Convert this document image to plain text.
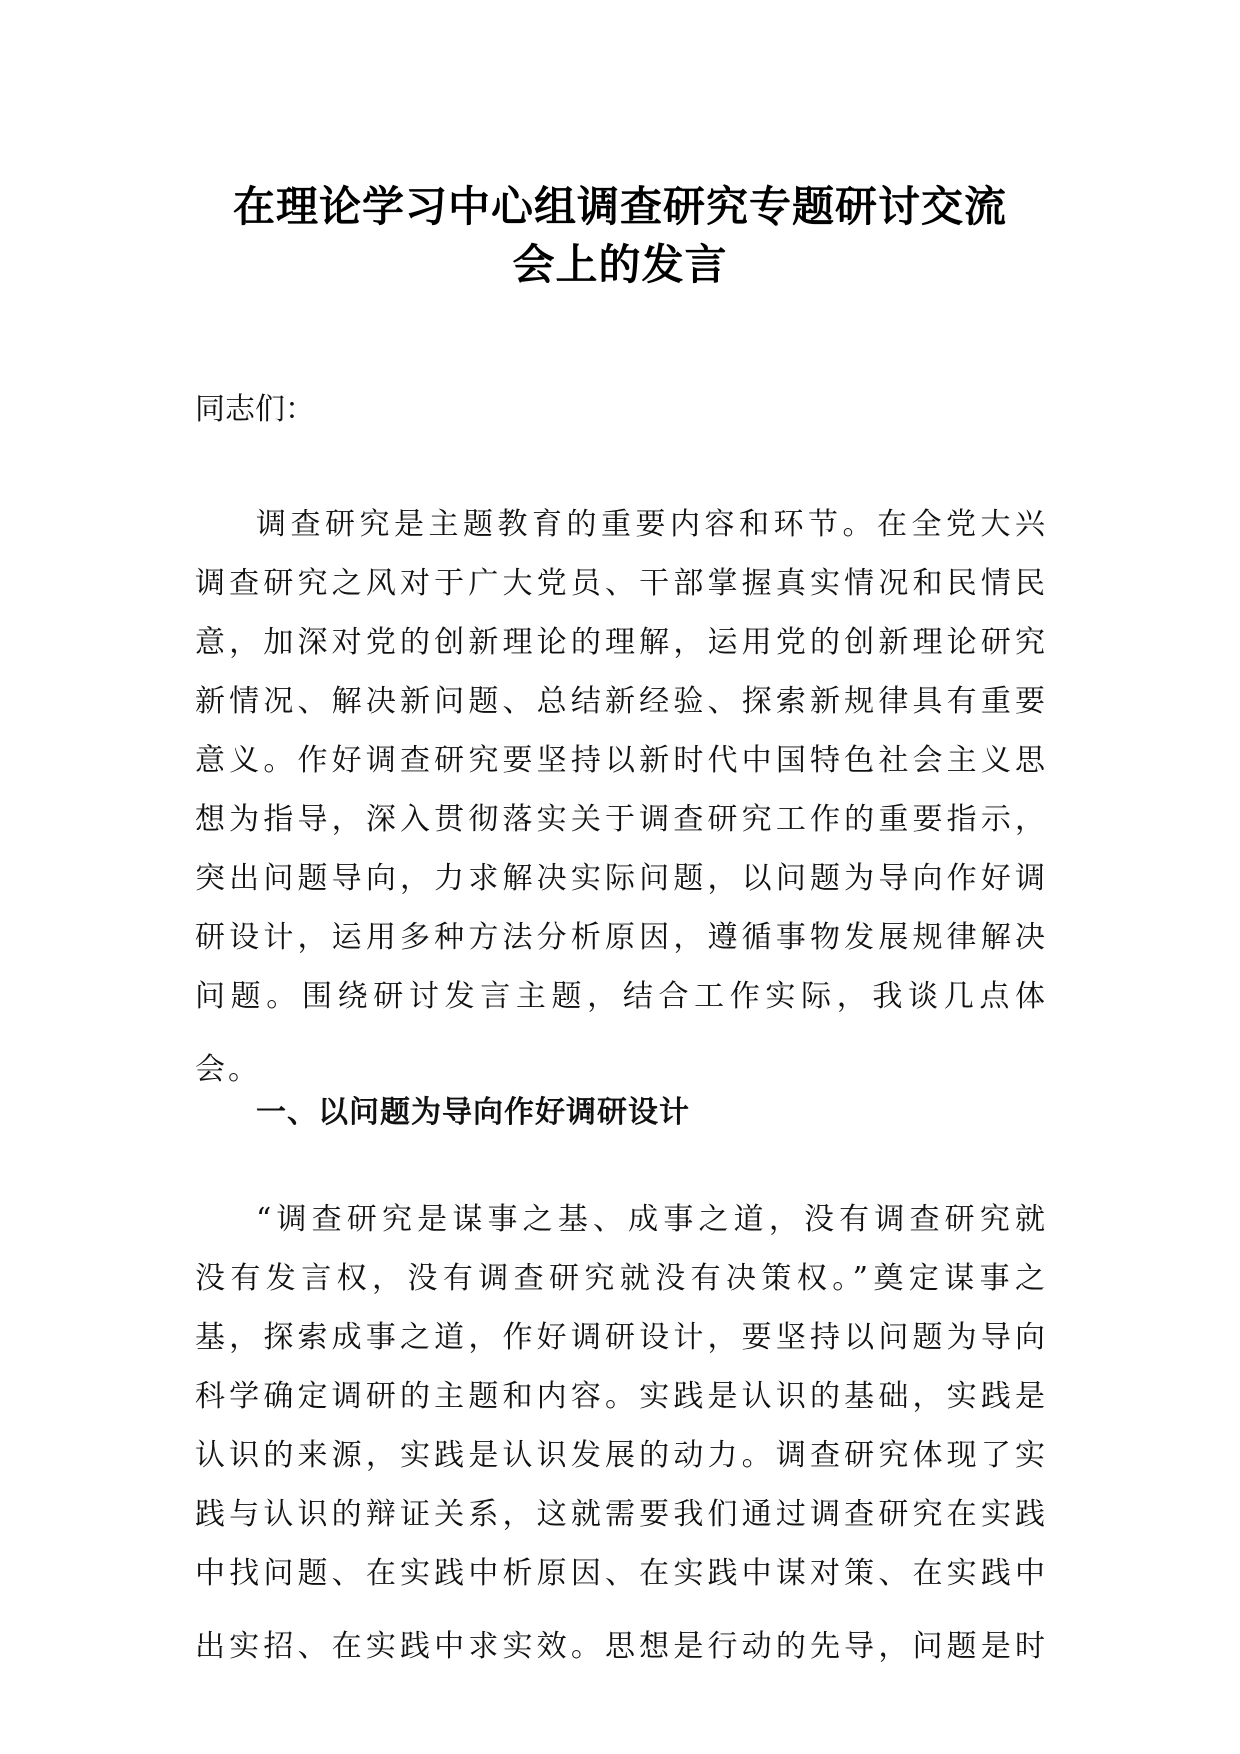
在理论学习中心组调查研究专题研讨交流
会上的发言
同志们：
调查研究是主题教育的重要内容和环节。在全党大兴
调查研究之风对于广大党员、干部掌握真实情况和民情民
意，加深对党的创新理论的理解，运用党的创新理论研究
新情况、解决新问题、总结新经验、探索新规律具有重要
意义。作好调查研究要坚持以新时代中国特色社会主义思
想为指导，深入贯彻落实关于调查研究工作的重要指示，
突出问题导向，力求解决实际问题，以问题为导向作好调
研设计，运用多种方法分析原因，遵循事物发展规律解决
问题。围绕研讨发言主题，结合工作实际，我谈几点体
会。
一、以问题为导向作好调研设计
“调查研究是谋事之基、成事之道，没有调查研究就
没有发言权，没有调查研究就没有决策权。”奠定谋事之
基，探索成事之道，作好调研设计，要坚持以问题为导向
科学确定调研的主题和内容。实践是认识的基础，实践是
认识的来源，实践是认识发展的动力。调查研究体现了实
践与认识的辩证关系，这就需要我们通过调查研究在实践
中找问题、在实践中析原因、在实践中谋对策、在实践中
出实招、在实践中求实效。思想是行动的先导，问题是时
